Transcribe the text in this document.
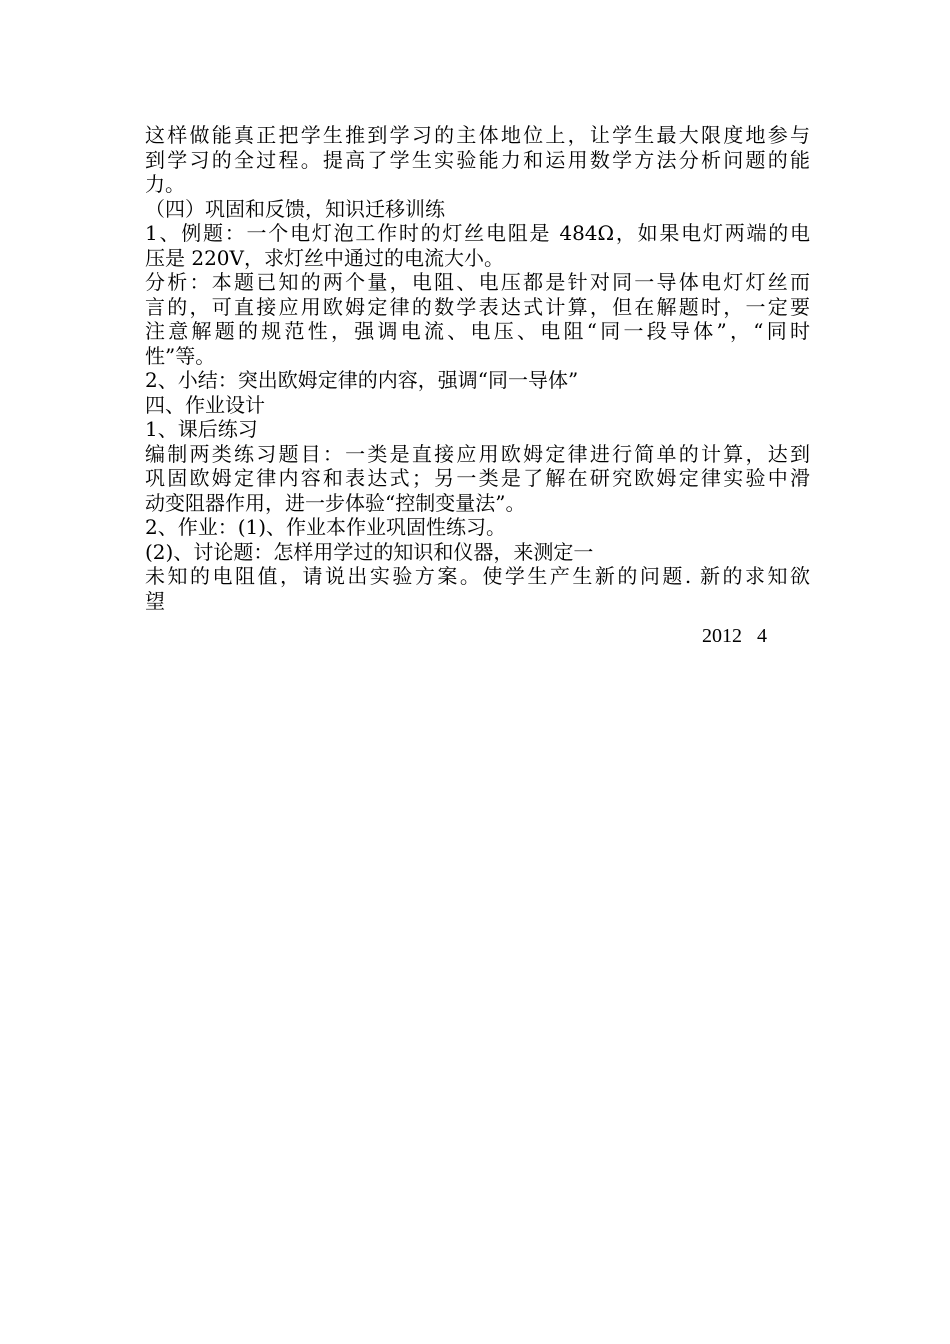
这样做能真正把学生推到学习的主体地位上，让学生最大限度地参与
到学习的全过程。提高了学生实验能力和运用数学方法分析问题的能
力。
（四）巩固和反馈，知识迁移训练
1、例题：一个电灯泡工作时的灯丝电阻是 484Ω，如果电灯两端的电
压是 220V，求灯丝中通过的电流大小。
分析：本题已知的两个量，电阻、电压都是针对同一导体电灯灯丝而
言的，可直接应用欧姆定律的数学表达式计算，但在解题时，一定要
注意解题的规范性，强调电流、电压、电阻“同一段导体”，“同时
性”等。
2、小结：突出欧姆定律的内容，强调“同一导体”
四、作业设计
1、课后练习
编制两类练习题目：一类是直接应用欧姆定律进行简单的计算，达到
巩固欧姆定律内容和表达式；另一类是了解在研究欧姆定律实验中滑
动变阻器作用，进一步体验“控制变量法”。
2、作业：(1)、作业本作业巩固性练习。
(2)、讨论题：怎样用学过的知识和仪器，来测定一
未知的电阻值，请说出实验方案。使学生产生新的问题. 新的求知欲
望
2012   4
